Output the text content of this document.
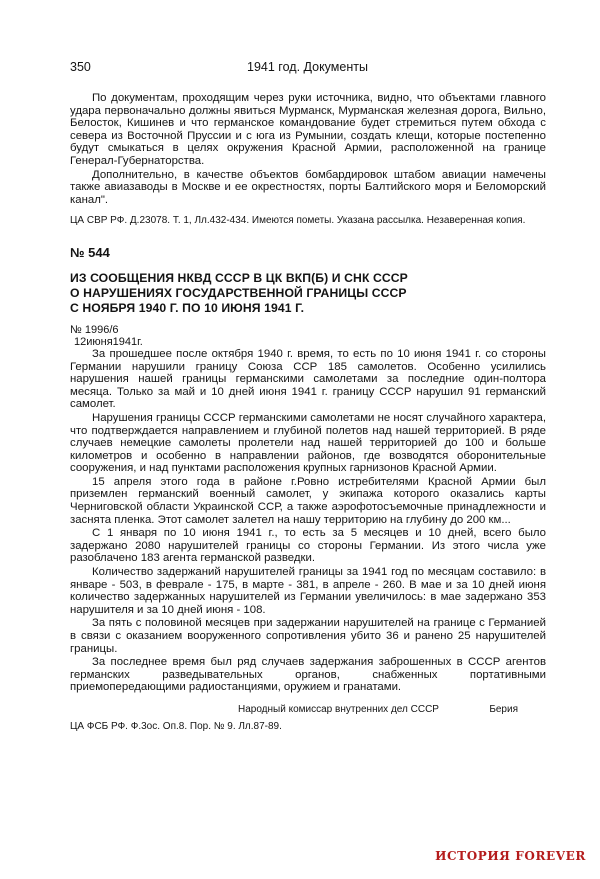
350	1941 год. Документы

По документам, проходящим через руки источника, видно, что объектами главного удара первоначально должны явиться Мурманск, Мурманская железная дорога, Вильно, Белосток, Кишинев и что германское командование будет стремиться путем обхода с севера из Восточной Пруссии и с юга из Румынии, создать клещи, которые постепенно будут смыкаться в целях окружения Красной Армии, расположенной на границе Генерал-Губернаторства.

Дополнительно, в качестве объектов бомбардировок штабом авиации намечены также авиазаводы в Москве и ее окрестностях, порты Балтийского моря и Беломорский канал".

ЦА СВР РФ. Д.23078. Т. 1, Лл.432-434. Имеются пометы. Указана рассылка. Незаверенная копия.

№ 544
ИЗ СООБЩЕНИЯ НКВД СССР В ЦК ВКП(Б) И СНК СССР
О НАРУШЕНИЯХ ГОСУДАРСТВЕННОЙ ГРАНИЦЫ СССР
С НОЯБРЯ 1940 Г. ПО 10 ИЮНЯ 1941 Г.
№ 1996/6
12июня1941г.

За прошедшее после октября 1940 г. время, то есть по 10 июня 1941 г. со стороны Германии нарушили границу Союза ССР 185 самолетов. Особенно усилились нарушения нашей границы германскими самолетами за последние один-полтора месяца. Только за май и 10 дней июня 1941 г. границу СССР нарушил 91 германский самолет.

Нарушения границы СССР германскими самолетами не носят случайного характера, что подтверждается направлением и глубиной полетов над нашей территорией. В ряде случаев немецкие самолеты пролетели над нашей территорией до 100 и больше километров и особенно в направлении районов, где возводятся оборонительные сооружения, и над пунктами расположения крупных гарнизонов Красной Армии.

15 апреля этого года в районе г.Ровно истребителями Красной Армии был приземлен германский военный самолет, у экипажа которого оказались карты Черниговской области Украинской ССР, а также аэрофотосъемочные принадлежности и заснята пленка. Этот самолет залетел на нашу территорию на глубину до 200 км...

С 1 января по 10 июня 1941 г., то есть за 5 месяцев и 10 дней, всего было задержано 2080 нарушителей границы со стороны Германии. Из этого числа уже разоблачено 183 агента германской разведки.

Количество задержаний нарушителей границы за 1941 год по месяцам составило: в январе - 503, в феврале - 175, в марте - 381, в апреле - 260. В мае и за 10 дней июня количество задержанных нарушителей из Германии увеличилось: в мае задержано 353 нарушителя и за 10 дней июня - 108.

За пять с половиной месяцев при задержании нарушителей на границе с Германией в связи с оказанием вооруженного сопротивления убито 36 и ранено 25 нарушителей границы.

За последнее время был ряд случаев задержания заброшенных в СССР агентов германских разведывательных органов, снабженных портативными приемопередающими радиостанциями, оружием и гранатами.

Народный комиссар внутренних дел СССР	Берия
ЦА ФСБ РФ. Ф.3ос. Оп.8. Пор. № 9. Лл.87-89.
ИСТОРИЯ FOREVER
